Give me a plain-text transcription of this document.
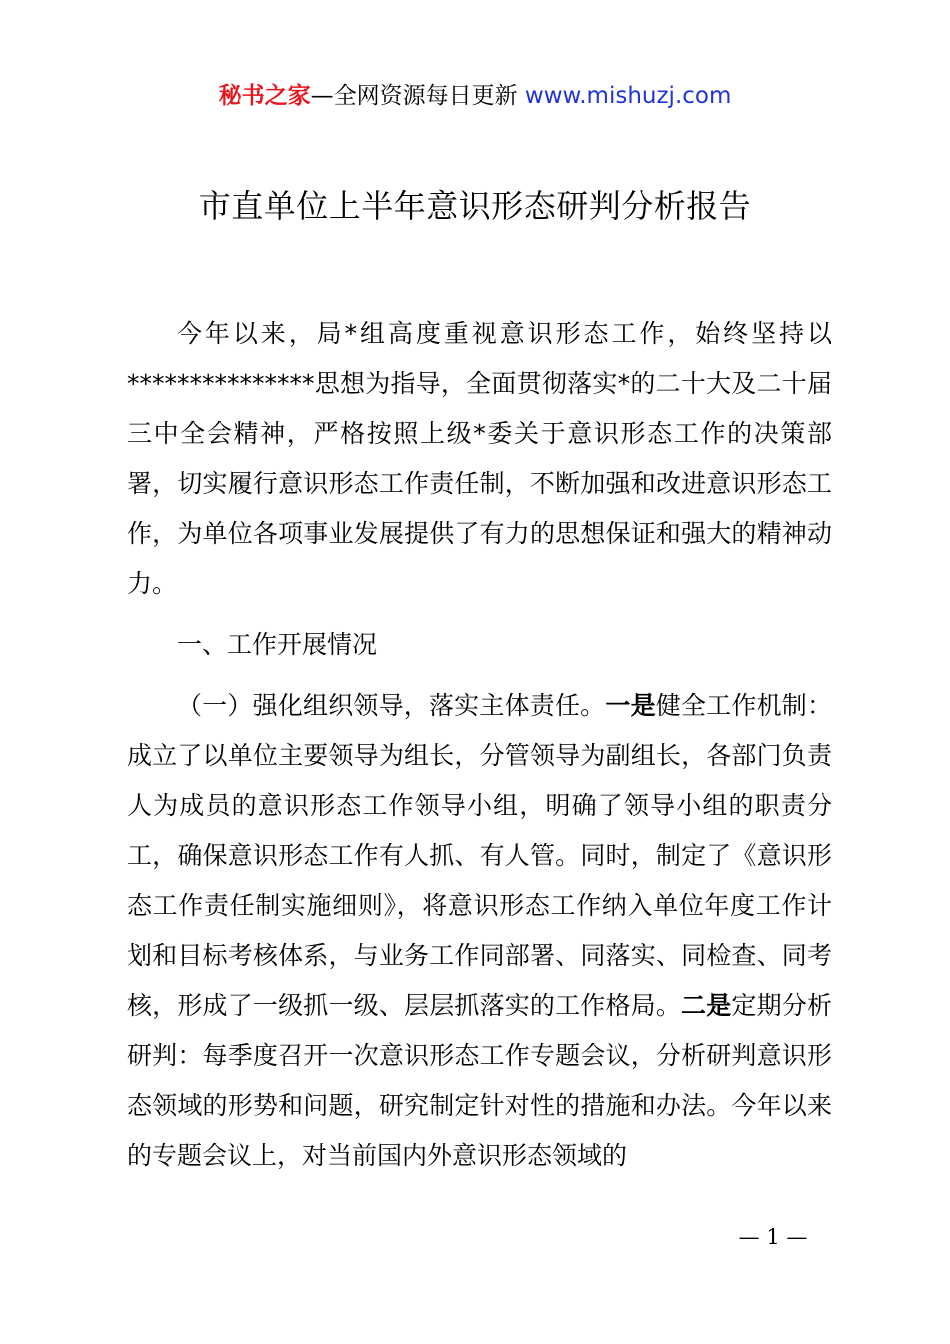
秘书之家—全网资源每日更新 www.mishuzj.com
市直单位上半年意识形态研判分析报告

今年以来，局*组高度重视意识形态工作，始终坚持以***************思想为指导，全面贯彻落实*的二十大及二十届三中全会精神，严格按照上级*委关于意识形态工作的决策部署，切实履行意识形态工作责任制，不断加强和改进意识形态工作，为单位各项事业发展提供了有力的思想保证和强大的精神动力。

一、工作开展情况

（一）强化组织领导，落实主体责任。一是健全工作机制：成立了以单位主要领导为组长，分管领导为副组长，各部门负责人为成员的意识形态工作领导小组，明确了领导小组的职责分工，确保意识形态工作有人抓、有人管。同时，制定了《意识形态工作责任制实施细则》，将意识形态工作纳入单位年度工作计划和目标考核体系，与业务工作同部署、同落实、同检查、同考核，形成了一级抓一级、层层抓落实的工作格局。二是定期分析研判：每季度召开一次意识形态工作专题会议，分析研判意识形态领域的形势和问题，研究制定针对性的措施和办法。今年以来的专题会议上，对当前国内外意识形态领域的

— 1 —
